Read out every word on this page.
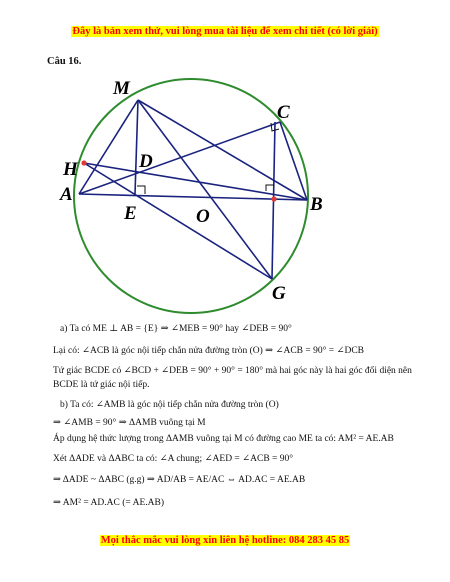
Đây là bản xem thử, vui lòng mua tài liệu để xem chi tiết (có lời giải)
Câu 16.
M
C
H	D
A
E	O
B
G
a) Ta có ME ⊥ AB = {E} ⇒ ∠MEB = 90° hay ∠DEB = 90°
Lại có: ∠ACB là góc nội tiếp chắn nửa đường tròn (O) ⇒ ∠ACB = 90° = ∠DCB
Tứ giác BCDE có ∠BCD + ∠DEB = 90° + 90° = 180° mà hai góc này là hai góc đối diện nên
BCDE là tứ giác nội tiếp.
b) Ta có: ∠AMB là góc nội tiếp chắn nửa đường tròn (O)
⇒ ∠AMB = 90° ⇒ ΔAMB vuông tại M
Áp dụng hệ thức lượng trong ΔAMB vuông tại M có đường cao ME ta có: AM² = AE.AB
Xét ΔADE và ΔABC ta có: ∠A chung; ∠AED = ∠ACB = 90°
⇒ ΔADE ~ ΔABC (g.g) ⇒ AD/AB = AE/AC ⇔ AD.AC = AE.AB
⇒ AM² = AD.AC (= AE.AB)
Mọi thắc mắc vui lòng xin liên hệ hotline: 084 283 45 85
